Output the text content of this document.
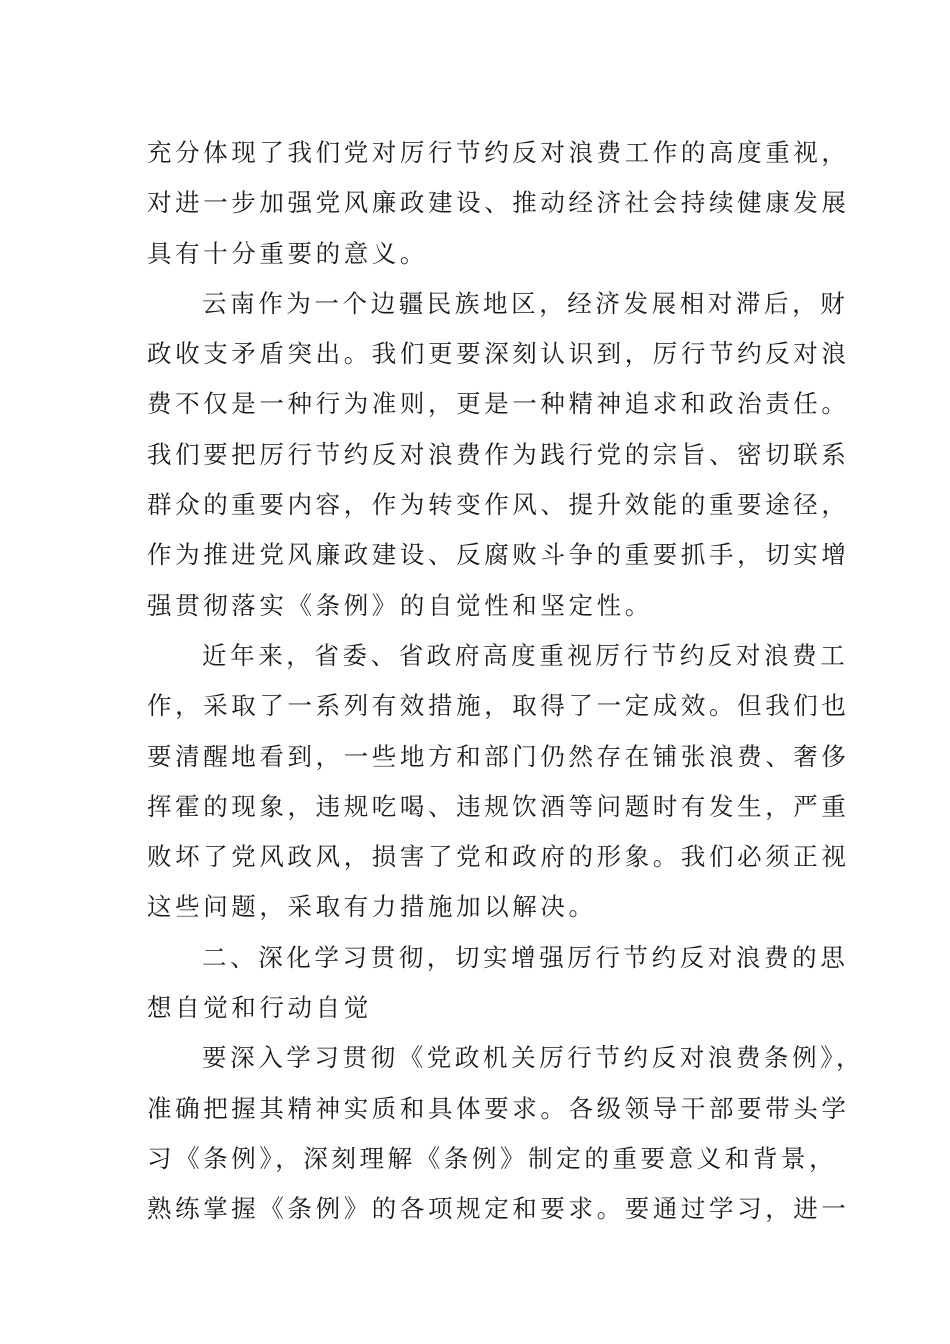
充分体现了我们党对厉行节约反对浪费工作的高度重视，
对进一步加强党风廉政建设、推动经济社会持续健康发展
具有十分重要的意义。
云南作为一个边疆民族地区，经济发展相对滞后，财
政收支矛盾突出。我们更要深刻认识到，厉行节约反对浪
费不仅是一种行为准则，更是一种精神追求和政治责任。
我们要把厉行节约反对浪费作为践行党的宗旨、密切联系
群众的重要内容，作为转变作风、提升效能的重要途径，
作为推进党风廉政建设、反腐败斗争的重要抓手，切实增
强贯彻落实《条例》的自觉性和坚定性。
近年来，省委、省政府高度重视厉行节约反对浪费工
作，采取了一系列有效措施，取得了一定成效。但我们也
要清醒地看到，一些地方和部门仍然存在铺张浪费、奢侈
挥霍的现象，违规吃喝、违规饮酒等问题时有发生，严重
败坏了党风政风，损害了党和政府的形象。我们必须正视
这些问题，采取有力措施加以解决。
二、深化学习贯彻，切实增强厉行节约反对浪费的思
想自觉和行动自觉
要深入学习贯彻《党政机关厉行节约反对浪费条例》，
准确把握其精神实质和具体要求。各级领导干部要带头学
习《条例》，深刻理解《条例》制定的重要意义和背景，
熟练掌握《条例》的各项规定和要求。要通过学习，进一
